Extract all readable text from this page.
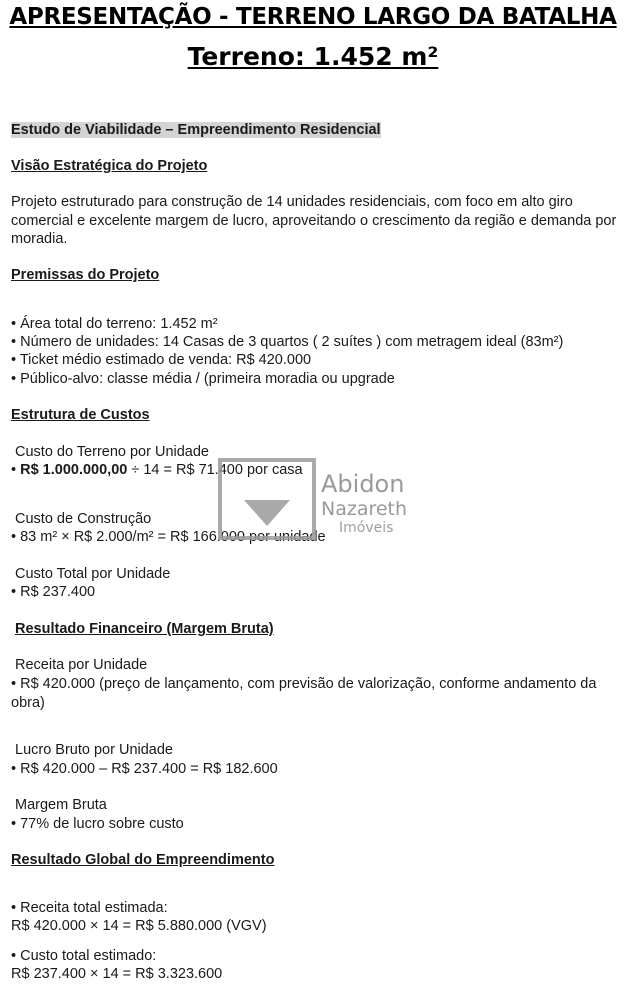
APRESENTAÇÃO - TERRENO LARGO DA BATALHA
Terreno: 1.452 m²
Estudo de Viabilidade – Empreendimento Residencial
Visão Estratégica do Projeto
Projeto estruturado para construção de 14 unidades residenciais, com foco em alto giro comercial e excelente margem de lucro, aproveitando o crescimento da região e demanda por moradia.
Premissas do Projeto
• Área total do terreno: 1.452 m²
• Número de unidades: 14 Casas de 3 quartos ( 2 suítes ) com metragem ideal (83m²)
• Ticket médio estimado de venda: R$ 420.000
• Público-alvo: classe média / (primeira moradia ou upgrade
Estrutura de Custos
Custo do Terreno por Unidade
• R$ 1.000.000,00 ÷ 14 = R$ 71.400 por casa
Custo de Construção
• 83 m² × R$ 2.000/m² = R$ 166.000 por unidade
Custo Total por Unidade
• R$ 237.400
Resultado Financeiro (Margem Bruta)
Receita por Unidade
• R$ 420.000 (preço de lançamento, com previsão de valorização, conforme andamento da obra)
Lucro Bruto por Unidade
• R$ 420.000 – R$ 237.400 = R$ 182.600
Margem Bruta
• 77% de lucro sobre custo
Resultado Global do Empreendimento
• Receita total estimada:
R$ 420.000 × 14 = R$ 5.880.000 (VGV)
• Custo total estimado:
R$ 237.400 × 14 = R$ 3.323.600
Abidon
Nazareth
Imóveis
